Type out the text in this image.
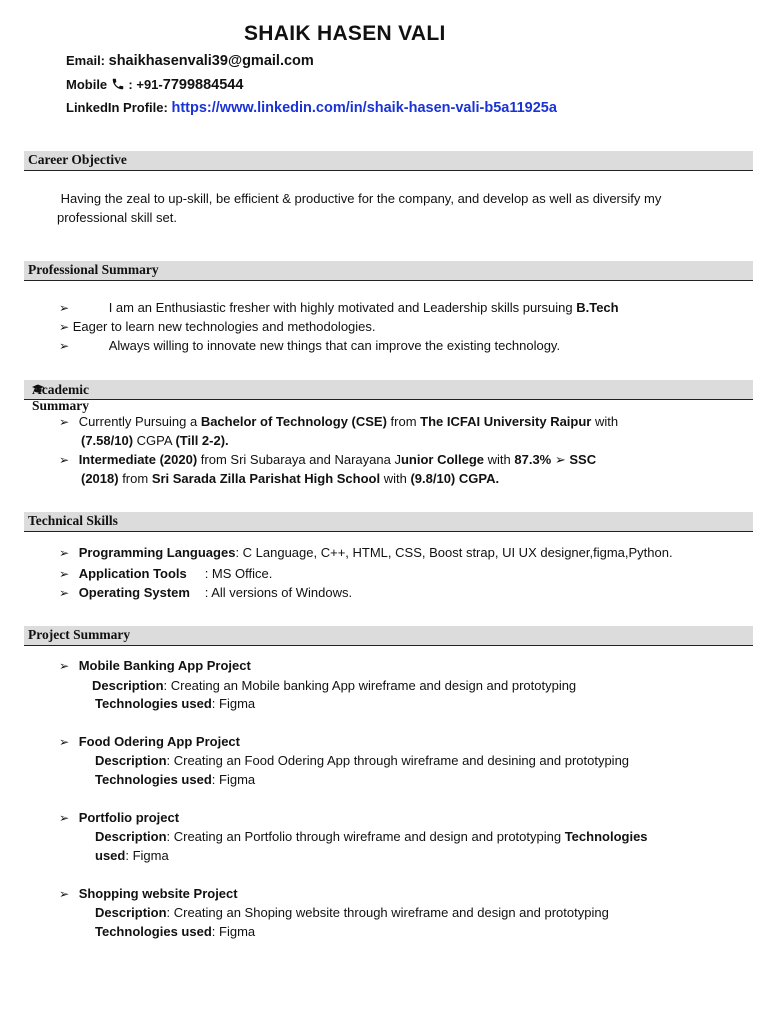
SHAIK HASEN VALI
Email: shaikhasenvali39@gmail.com
Mobile : +91-7799884544
LinkedIn Profile: https://www.linkedin.com/in/shaik-hasen-vali-b5a11925a
Career Objective
Having the zeal to up-skill, be efficient & productive for the company, and develop as well as diversify my
professional skill set.
Professional Summary
➢	I am an Enthusiastic fresher with highly motivated and Leadership skills pursuing B.Tech
➢ Eager to learn new technologies and methodologies.
➢	Always willing to innovate new things that can improve the existing technology.
Academic Summary
➢ Currently Pursuing a Bachelor of Technology (CSE) from The ICFAI University Raipur with
(7.58/10) CGPA (Till 2-2).
➢ Intermediate (2020) from Sri Subaraya and Narayana Junior College with 87.3% ➢ SSC
(2018) from Sri Sarada Zilla Parishat High School with (9.8/10) CGPA.
Technical Skills
➢ Programming Languages: C Language, C++, HTML, CSS, Boost strap, UI UX designer,figma,Python.
➢ Application Tools : MS Office.
➢ Operating System : All versions of Windows.
Project Summary
➢ Mobile Banking App Project
Description: Creating an Mobile banking App wireframe and design and prototyping
Technologies used: Figma
➢ Food Odering App Project
Description: Creating an Food Odering App through wireframe and desining and prototyping
Technologies used: Figma
➢ Portfolio project
Description: Creating an Portfolio through wireframe and design and prototyping Technologies
used: Figma
➢ Shopping website Project
Description: Creating an Shoping website through wireframe and design and prototyping
Technologies used: Figma
